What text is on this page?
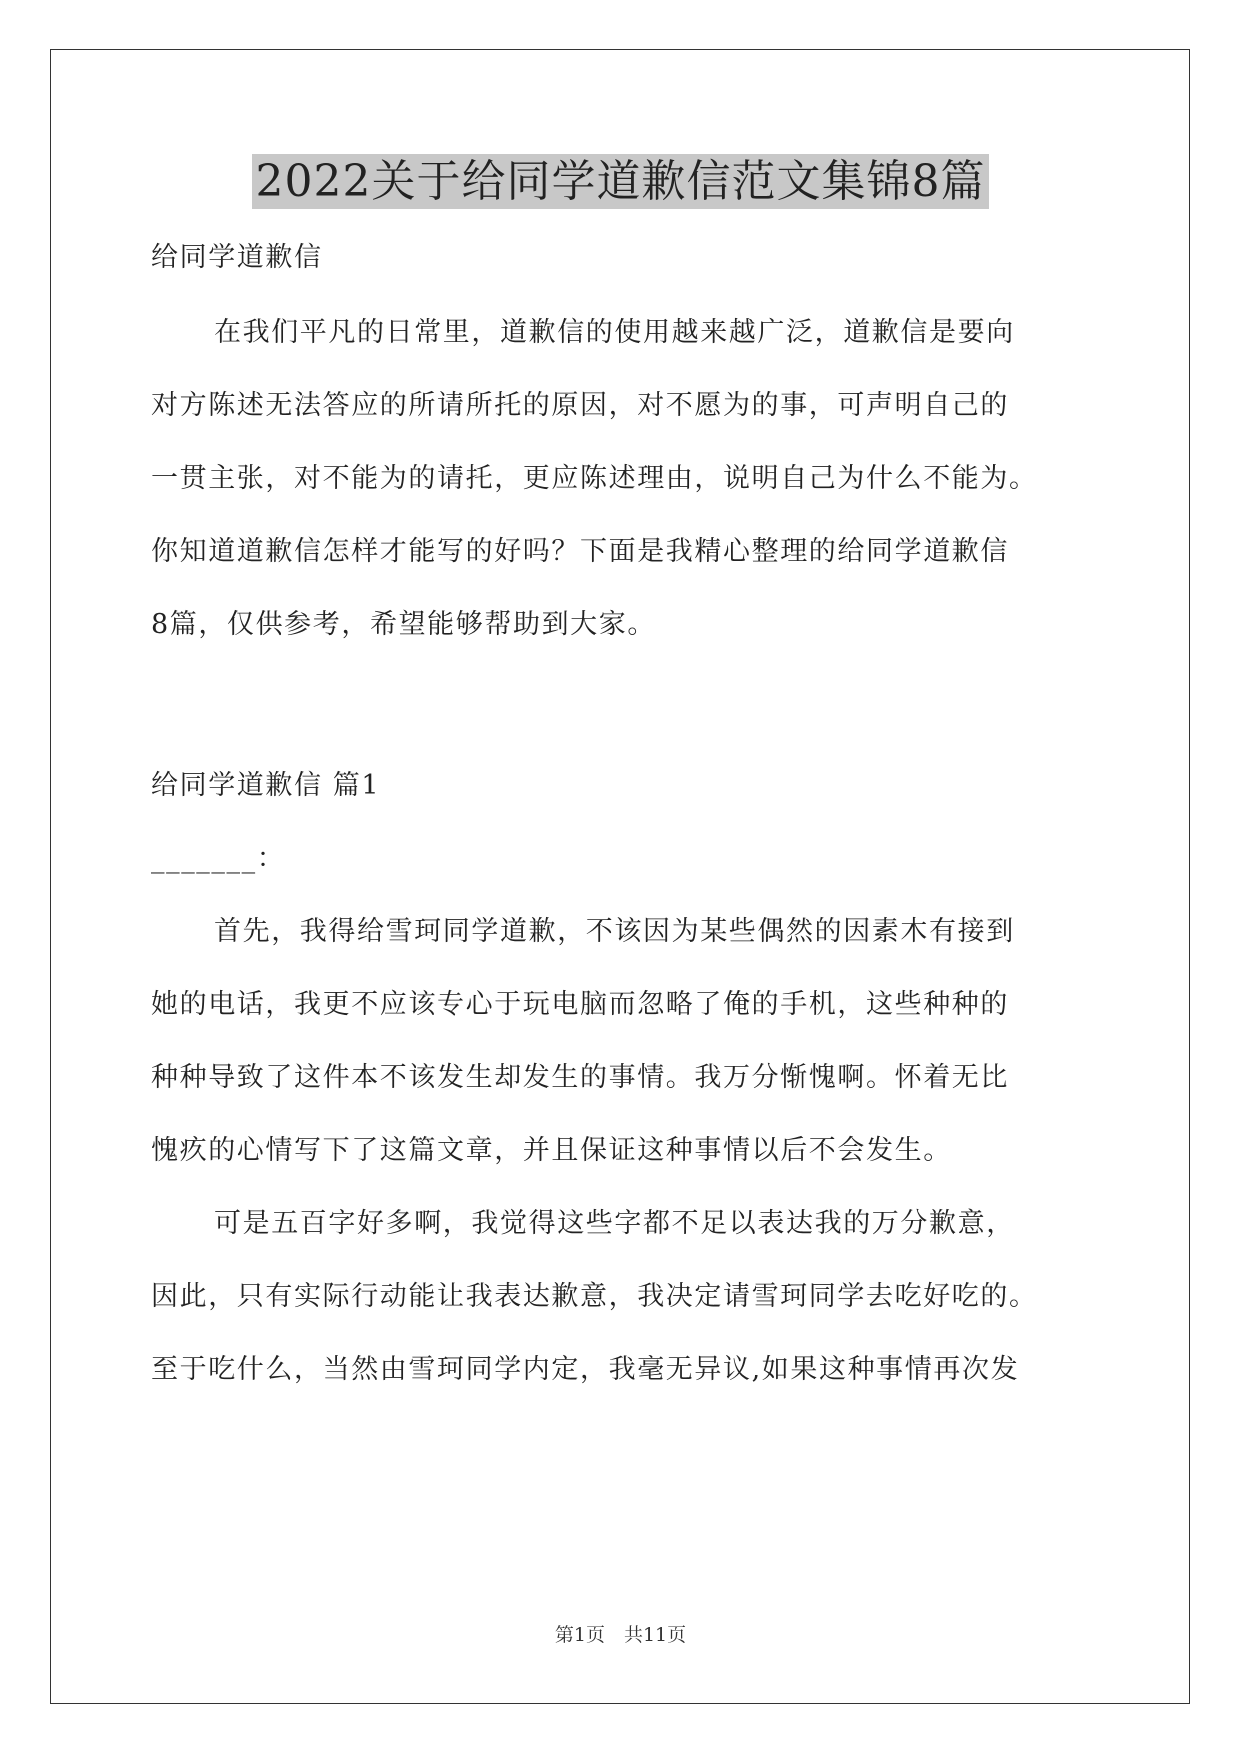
2022关于给同学道歉信范文集锦8篇

给同学道歉信

在我们平凡的日常里，道歉信的使用越来越广泛，道歉信是要向

对方陈述无法答应的所请所托的原因，对不愿为的事，可声明自己的

一贯主张，对不能为的请托，更应陈述理由，说明自己为什么不能为。

你知道道歉信怎样才能写的好吗？下面是我精心整理的给同学道歉信

8篇，仅供参考，希望能够帮助到大家。

给同学道歉信 篇1

_______：

首先，我得给雪珂同学道歉，不该因为某些偶然的因素木有接到

她的电话，我更不应该专心于玩电脑而忽略了俺的手机，这些种种的

种种导致了这件本不该发生却发生的事情。我万分惭愧啊。怀着无比

愧疚的心情写下了这篇文章，并且保证这种事情以后不会发生。

可是五百字好多啊，我觉得这些字都不足以表达我的万分歉意，

因此，只有实际行动能让我表达歉意，我决定请雪珂同学去吃好吃的。

至于吃什么，当然由雪珂同学内定，我毫无异议,如果这种事情再次发

第1页　共11页
